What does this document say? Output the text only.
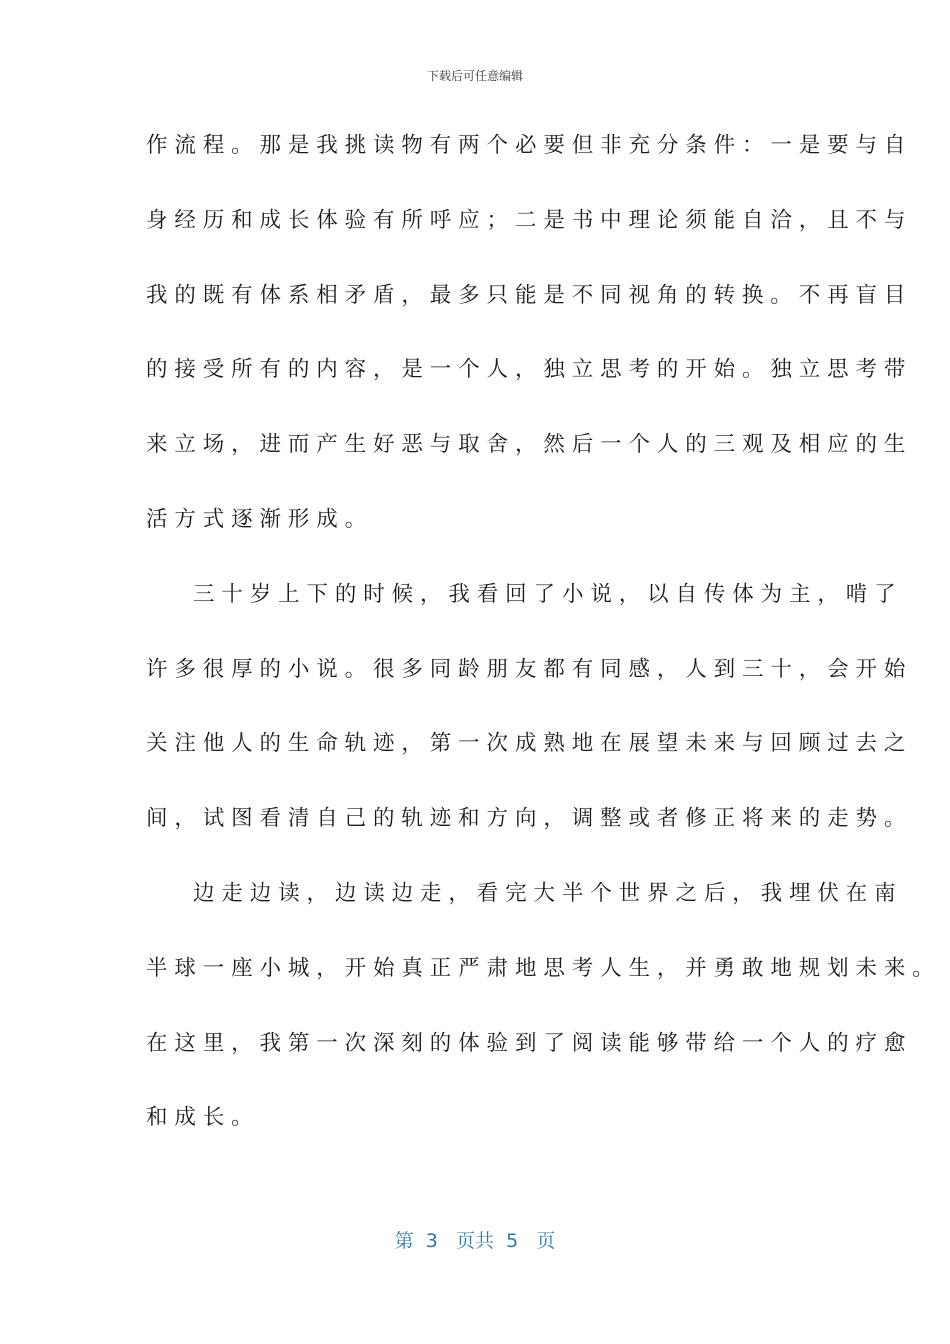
下载后可任意编辑
作流程。那是我挑读物有两个必要但非充分条件：一是要与自
身经历和成长体验有所呼应；二是书中理论须能自洽，且不与
我的既有体系相矛盾，最多只能是不同视角的转换。不再盲目
的接受所有的内容，是一个人，独立思考的开始。独立思考带
来立场，进而产生好恶与取舍，然后一个人的三观及相应的生
活方式逐渐形成。
三十岁上下的时候，我看回了小说，以自传体为主，啃了
许多很厚的小说。很多同龄朋友都有同感，人到三十，会开始
关注他人的生命轨迹，第一次成熟地在展望未来与回顾过去之
间，试图看清自己的轨迹和方向，调整或者修正将来的走势。
边走边读，边读边走，看完大半个世界之后，我埋伏在南
半球一座小城，开始真正严肃地思考人生，并勇敢地规划未来。
在这里，我第一次深刻的体验到了阅读能够带给一个人的疗愈
和成长。
第 3 页共 5 页
